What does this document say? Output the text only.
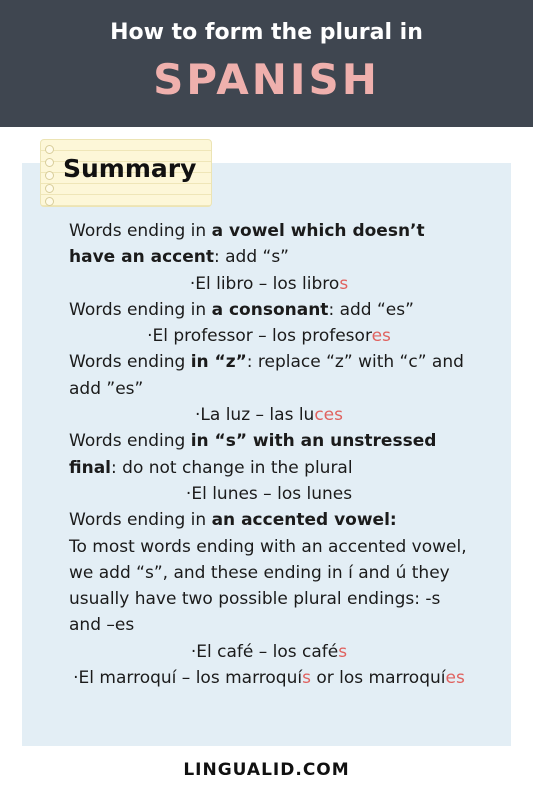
How to form the plural in
SPANISH
Summary

Words ending in a vowel which doesn’t have an accent: add “s”

·El libro – los libros

Words ending in a consonant: add “es”

·El professor – los profesores

Words ending in “z”: replace “z” with “c” and add ”es”

·La luz – las luces

Words ending in “s” with an unstressed final: do not change in the plural

·El lunes – los lunes

Words ending in an accented vowel:

To most words ending with an accented vowel, we add “s”, and these ending in í and ú they usually have two possible plural endings: -s and –es

·El café – los cafés

·El marroquí – los marroquís or los marroquíes

LINGUALID.COM
